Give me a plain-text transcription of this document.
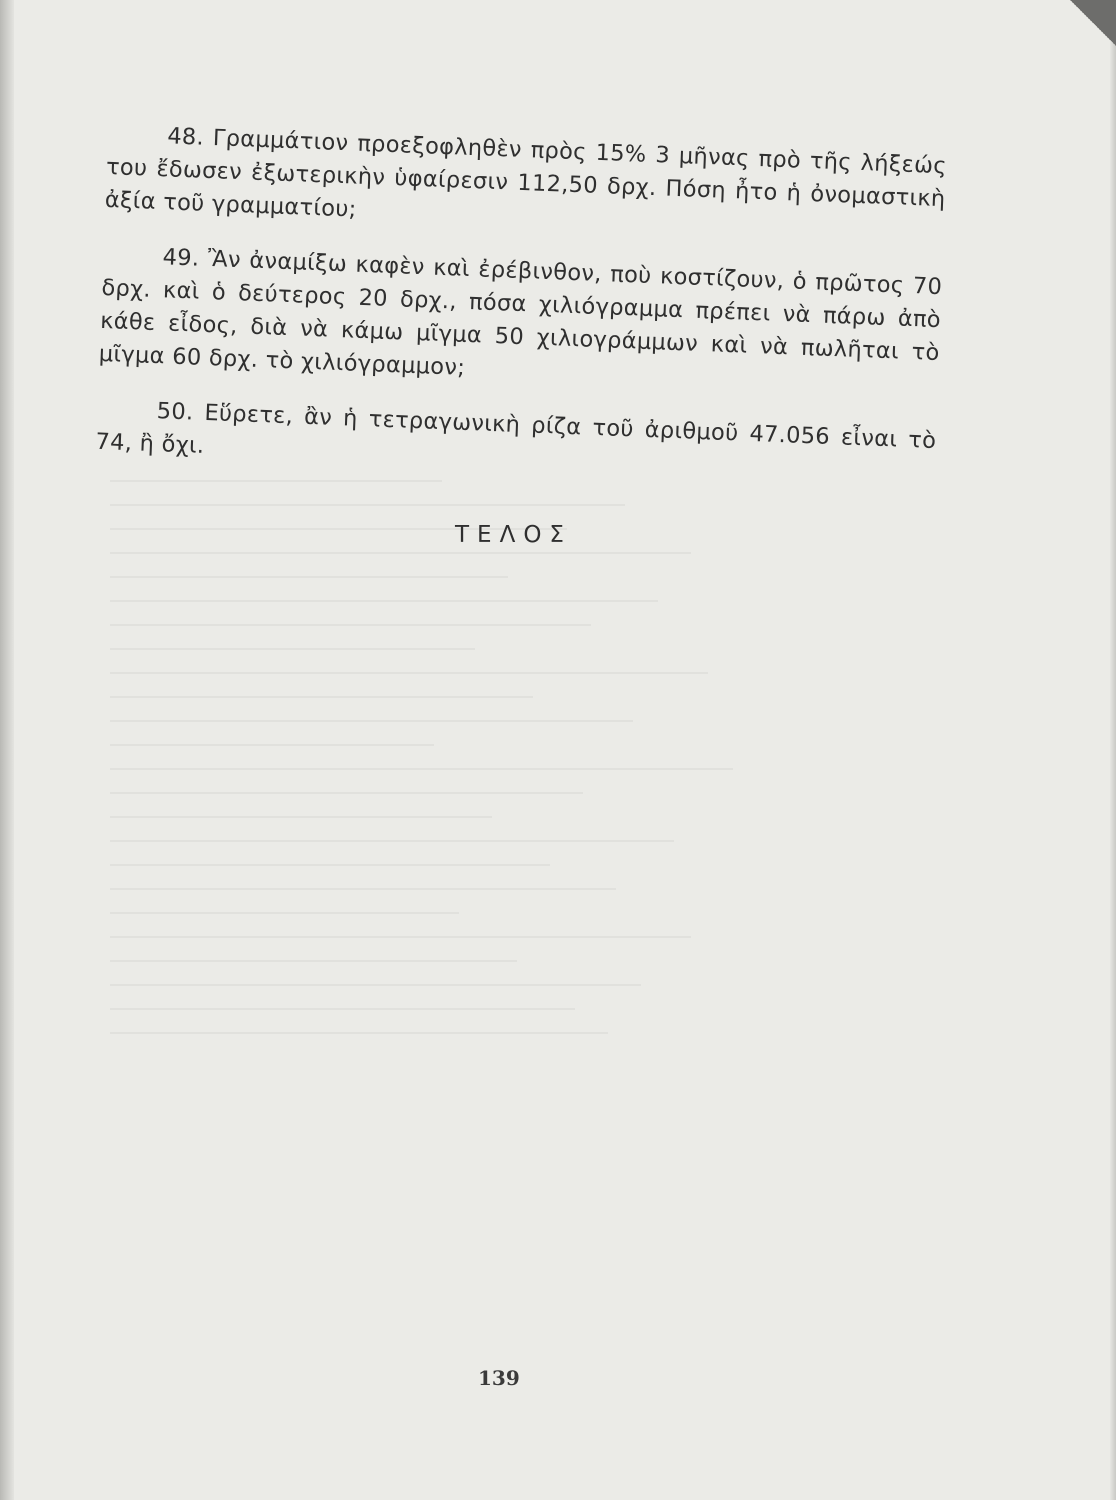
48. Γραμμάτιον προεξοφληθὲν πρὸς 15% 3 μῆνας πρὸ τῆς λήξεώς του ἔδωσεν ἐξωτερικὴν ὑφαίρεσιν 112,50 δρχ. Πόση ἦτο ἡ ὀνομαστικὴ ἀξία τοῦ γραμματίου;

49. Ἂν ἀναμίξω καφὲν καὶ ἐρέβινθον, ποὺ κοστίζουν, ὁ πρῶτος 70 δρχ. καὶ ὁ δεύτερος 20 δρχ., πόσα χιλιόγραμμα πρέπει νὰ πάρω ἀπὸ κάθε εἶδος, διὰ νὰ κάμω μῖγμα 50 χιλιογράμμων καὶ νὰ πωλῆται τὸ μῖγμα 60 δρχ. τὸ χιλιόγραμμον;

50. Εὕρετε, ἂν ἡ τετραγωνικὴ ρίζα τοῦ ἀριθμοῦ 47.056 εἶναι τὸ 74, ἢ ὄχι.

ΤΕΛΟΣ
139
